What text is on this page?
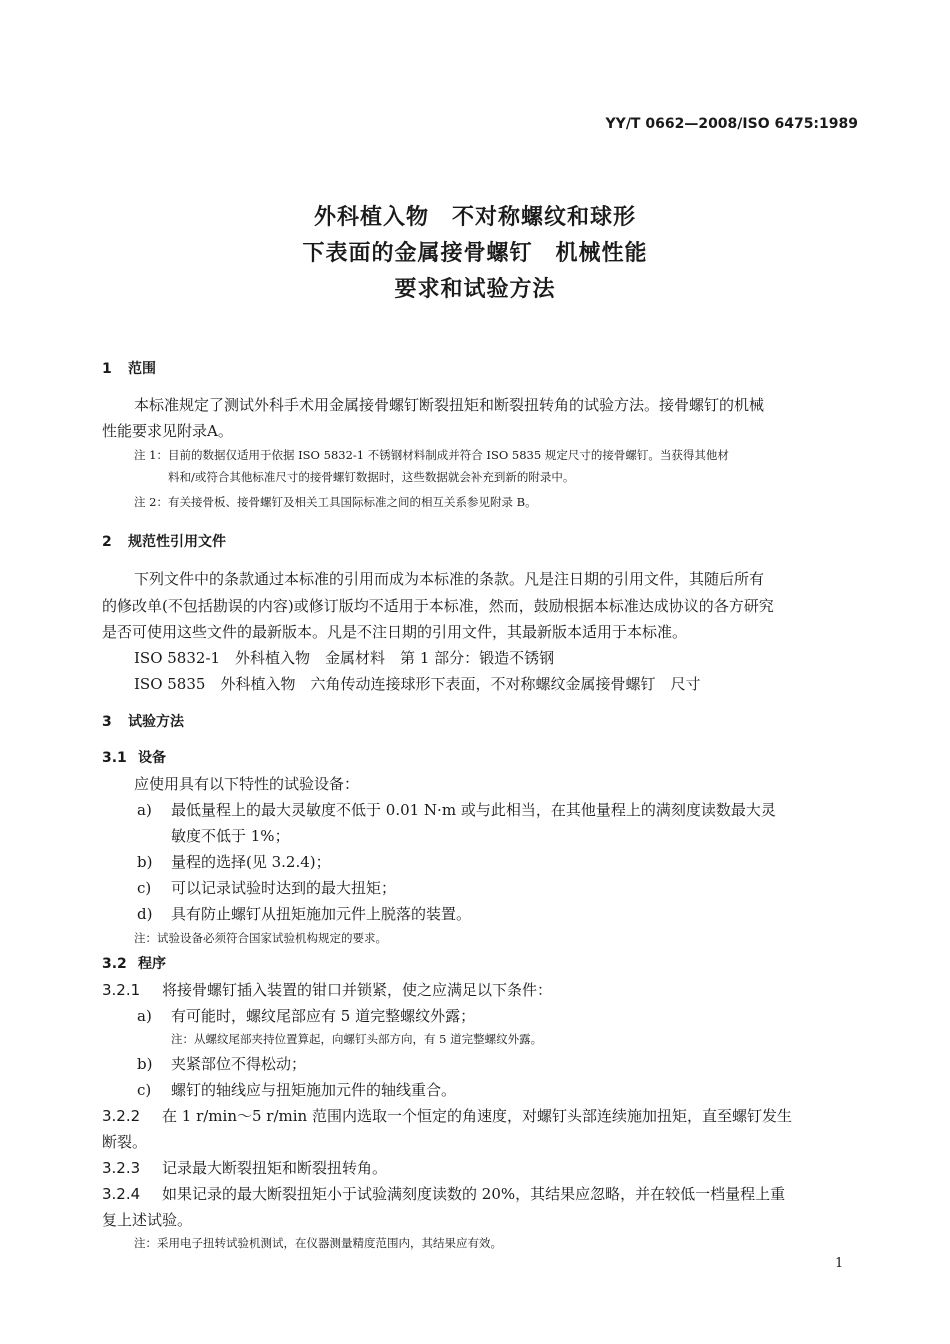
YY/T 0662—2008/ISO 6475:1989
外科植入物　不对称螺纹和球形
下表面的金属接骨螺钉　机械性能
要求和试验方法
1 范围
本标准规定了测试外科手术用金属接骨螺钉断裂扭矩和断裂扭转角的试验方法。接骨螺钉的机械
性能要求见附录A。
注 1：目前的数据仅适用于依据 ISO 5832-1 不锈钢材料制成并符合 ISO 5835 规定尺寸的接骨螺钉。当获得其他材
料和/或符合其他标准尺寸的接骨螺钉数据时，这些数据就会补充到新的附录中。
注 2：有关接骨板、接骨螺钉及相关工具国际标准之间的相互关系参见附录 B。
2 规范性引用文件
下列文件中的条款通过本标准的引用而成为本标准的条款。凡是注日期的引用文件，其随后所有
的修改单(不包括勘误的内容)或修订版均不适用于本标准，然而，鼓励根据本标准达成协议的各方研究
是否可使用这些文件的最新版本。凡是不注日期的引用文件，其最新版本适用于本标准。
ISO 5832-1　外科植入物　金属材料　第 1 部分：锻造不锈钢
ISO 5835　外科植入物　六角传动连接球形下表面，不对称螺纹金属接骨螺钉　尺寸
3 试验方法
3.1 设备
应使用具有以下特性的试验设备：
a) 最低量程上的最大灵敏度不低于 0.01 N·m 或与此相当，在其他量程上的满刻度读数最大灵
敏度不低于 1%；
b) 量程的选择(见 3.2.4)；
c) 可以记录试验时达到的最大扭矩；
d) 具有防止螺钉从扭矩施加元件上脱落的装置。
注：试验设备必须符合国家试验机构规定的要求。
3.2 程序
3.2.1 将接骨螺钉插入装置的钳口并锁紧，使之应满足以下条件：
a) 有可能时，螺纹尾部应有 5 道完整螺纹外露；
注：从螺纹尾部夹持位置算起，向螺钉头部方向，有 5 道完整螺纹外露。
b) 夹紧部位不得松动；
c) 螺钉的轴线应与扭矩施加元件的轴线重合。
3.2.2 在 1 r/min～5 r/min 范围内选取一个恒定的角速度，对螺钉头部连续施加扭矩，直至螺钉发生
断裂。
3.2.3 记录最大断裂扭矩和断裂扭转角。
3.2.4 如果记录的最大断裂扭矩小于试验满刻度读数的 20%，其结果应忽略，并在较低一档量程上重
复上述试验。
注：采用电子扭转试验机测试，在仪器测量精度范围内，其结果应有效。
1
